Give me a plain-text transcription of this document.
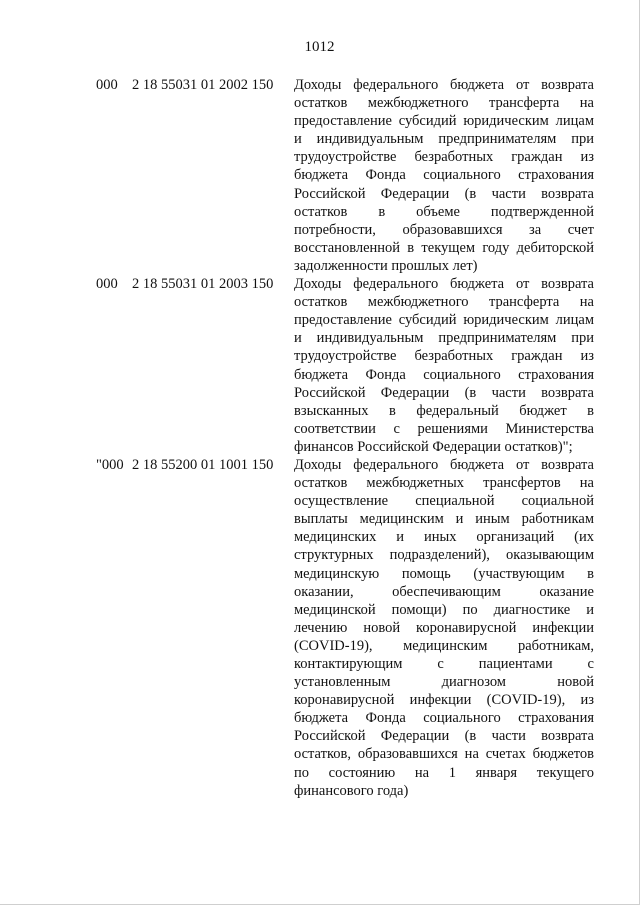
1012
000 2 18 55031 01 2002 150	Доходы федерального бюджета от возврата
остатков межбюджетного трансферта на
предоставление субсидий юридическим лицам
и индивидуальным предпринимателям при
трудоустройстве безработных граждан из
бюджета Фонда социального страхования
Российской Федерации (в части возврата
остатков в объеме подтвержденной
потребности, образовавшихся за счет
восстановленной в текущем году дебиторской
задолженности прошлых лет)
000 2 18 55031 01 2003 150	Доходы федерального бюджета от возврата
остатков межбюджетного трансферта на
предоставление субсидий юридическим лицам
и индивидуальным предпринимателям при
трудоустройстве безработных граждан из
бюджета Фонда социального страхования
Российской Федерации (в части возврата
взысканных в федеральный бюджет в
соответствии с решениями Министерства
финансов Российской Федерации остатков)";
"000 2 18 55200 01 1001 150	Доходы федерального бюджета от возврата
остатков межбюджетных трансфертов на
осуществление специальной социальной
выплаты медицинским и иным работникам
медицинских и иных организаций (их
структурных подразделений), оказывающим
медицинскую помощь (участвующим в
оказании, обеспечивающим оказание
медицинской помощи) по диагностике и
лечению новой коронавирусной инфекции
(COVID-19), медицинским работникам,
контактирующим с пациентами с
установленным диагнозом новой
коронавирусной инфекции (COVID-19), из
бюджета Фонда социального страхования
Российской Федерации (в части возврата
остатков, образовавшихся на счетах бюджетов
по состоянию на 1 января текущего
финансового года)
